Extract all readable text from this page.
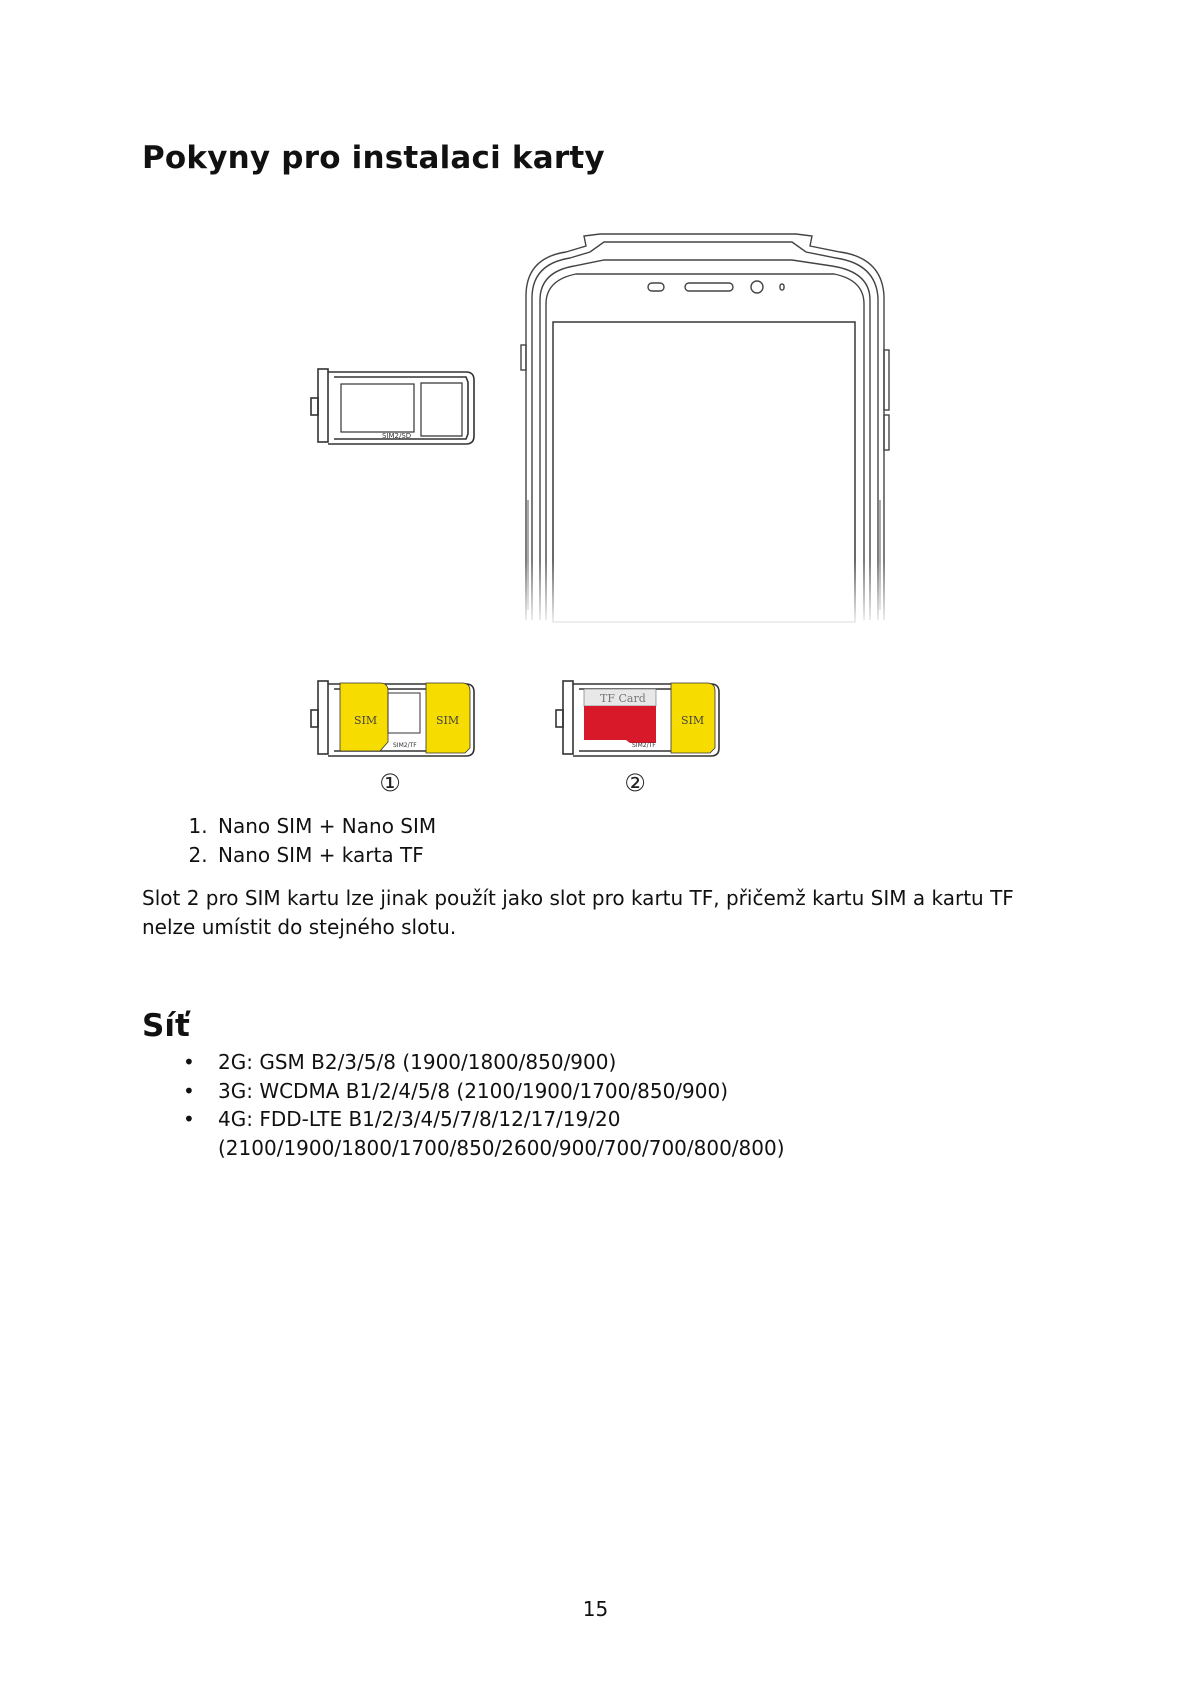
Pokyny pro instalaci karty
SIM2/SD
SIM	SIM
SIM2/TF
①
TF Card
SIM
SIM2/TF
②
1. Nano SIM + Nano SIM
2. Nano SIM + karta TF

Slot 2 pro SIM kartu lze jinak použít jako slot pro kartu TF, přičemž kartu SIM a kartu TF nelze umístit do stejného slotu.

Síť
• 2G: GSM B2/3/5/8 (1900/1800/850/900)
• 3G: WCDMA B1/2/4/5/8 (2100/1900/1700/850/900)
• 4G: FDD-LTE B1/2/3/4/5/7/8/12/17/19/20 (2100/1900/1800/1700/850/2600/900/700/700/800/800)
15
